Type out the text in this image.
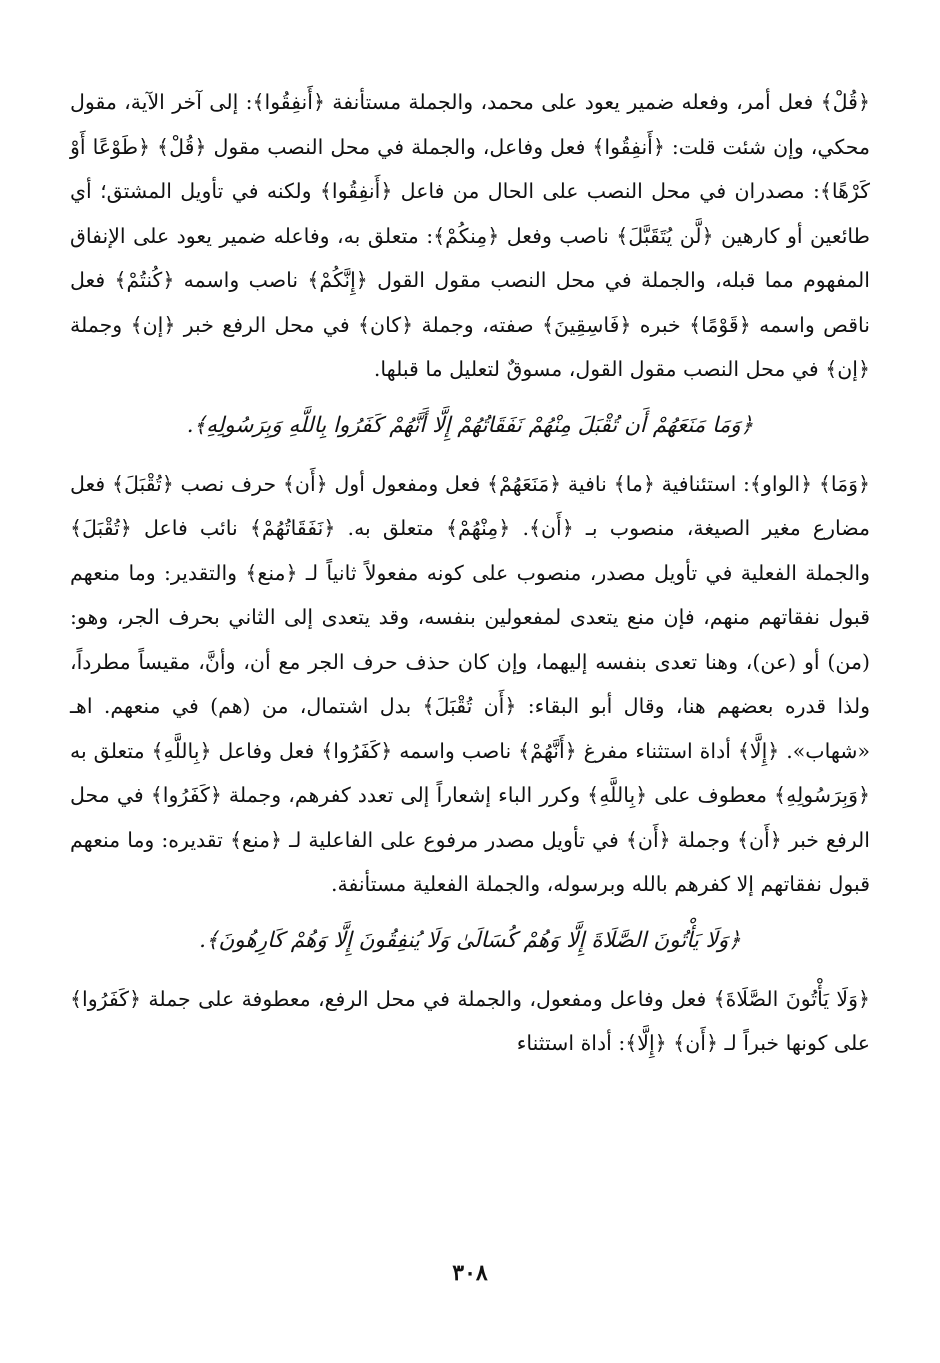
﴿قُلْ﴾ فعل أمر، وفعله ضمير يعود على محمد، والجملة مستأنفة ﴿أَنفِقُوا﴾: إلى آخر الآية، مقول محكي، وإن شئت قلت: ﴿أَنفِقُوا﴾ فعل وفاعل، والجملة في محل النصب مقول ﴿قُلْ﴾ ﴿طَوْعًا أَوْ كَرْهًا﴾: مصدران في محل النصب على الحال من فاعل ﴿أَنفِقُوا﴾ ولكنه في تأويل المشتق؛ أي طائعين أو كارهين ﴿لَّن يُتَقَبَّلَ﴾ ناصب وفعل ﴿مِنكُمْ﴾: متعلق به، وفاعله ضمير يعود على الإنفاق المفهوم مما قبله، والجملة في محل النصب مقول القول ﴿إِنَّكُمْ﴾ ناصب واسمه ﴿كُنتُمْ﴾ فعل ناقص واسمه ﴿قَوْمًا﴾ خبره ﴿فَاسِقِينَ﴾ صفته، وجملة ﴿كان﴾ في محل الرفع خبر ﴿إن﴾ وجملة ﴿إن﴾ في محل النصب مقول القول، مسوقٌ لتعليل ما قبلها.

﴿وَمَا مَنَعَهُمْ أَن تُقْبَلَ مِنْهُمْ نَفَقَاتُهُمْ إِلَّا أَنَّهُمْ كَفَرُوا بِاللَّهِ وَبِرَسُولِهِ﴾.

﴿وَمَا﴾ ﴿الواو﴾: استئنافية ﴿ما﴾ نافية ﴿مَنَعَهُمْ﴾ فعل ومفعول أول ﴿أَن﴾ حرف نصب ﴿تُقْبَلَ﴾ فعل مضارع مغير الصيغة، منصوب بـ ﴿أَن﴾. ﴿مِنْهُمْ﴾ متعلق به. ﴿نَفَقَاتُهُمْ﴾ نائب فاعل ﴿تُقْبَلَ﴾ والجملة الفعلية في تأويل مصدر، منصوب على كونه مفعولاً ثانياً لـ ﴿منع﴾ والتقدير: وما منعهم قبول نفقاتهم منهم، فإن منع يتعدى لمفعولين بنفسه، وقد يتعدى إلى الثاني بحرف الجر، وهو: (من) أو (عن)، وهنا تعدى بنفسه إليهما، وإن كان حذف حرف الجر مع أن، وأنَّ، مقيساً مطرداً، ولذا قدره بعضهم هنا، وقال أبو البقاء: ﴿أَن تُقْبَلَ﴾ بدل اشتمال، من (هم) في منعهم. اهـ «شهاب». ﴿إِلَّا﴾ أداة استثناء مفرغ ﴿أَنَّهُمْ﴾ ناصب واسمه ﴿كَفَرُوا﴾ فعل وفاعل ﴿بِاللَّهِ﴾ متعلق به ﴿وَبِرَسُولِهِ﴾ معطوف على ﴿بِاللَّهِ﴾ وكرر الباء إشعاراً إلى تعدد كفرهم، وجملة ﴿كَفَرُوا﴾ في محل الرفع خبر ﴿أَن﴾ وجملة ﴿أَن﴾ في تأويل مصدر مرفوع على الفاعلية لـ ﴿منع﴾ تقديره: وما منعهم قبول نفقاتهم إلا كفرهم بالله وبرسوله، والجملة الفعلية مستأنفة.

﴿وَلَا يَأْتُونَ الصَّلَاةَ إِلَّا وَهُمْ كُسَالَىٰ وَلَا يُنفِقُونَ إِلَّا وَهُمْ كَارِهُونَ﴾.

﴿وَلَا يَأْتُونَ الصَّلَاةَ﴾ فعل وفاعل ومفعول، والجملة في محل الرفع، معطوفة على جملة ﴿كَفَرُوا﴾ على كونها خبراً لـ ﴿أَن﴾ ﴿إِلَّا﴾: أداة استثناء

٣٠٨
